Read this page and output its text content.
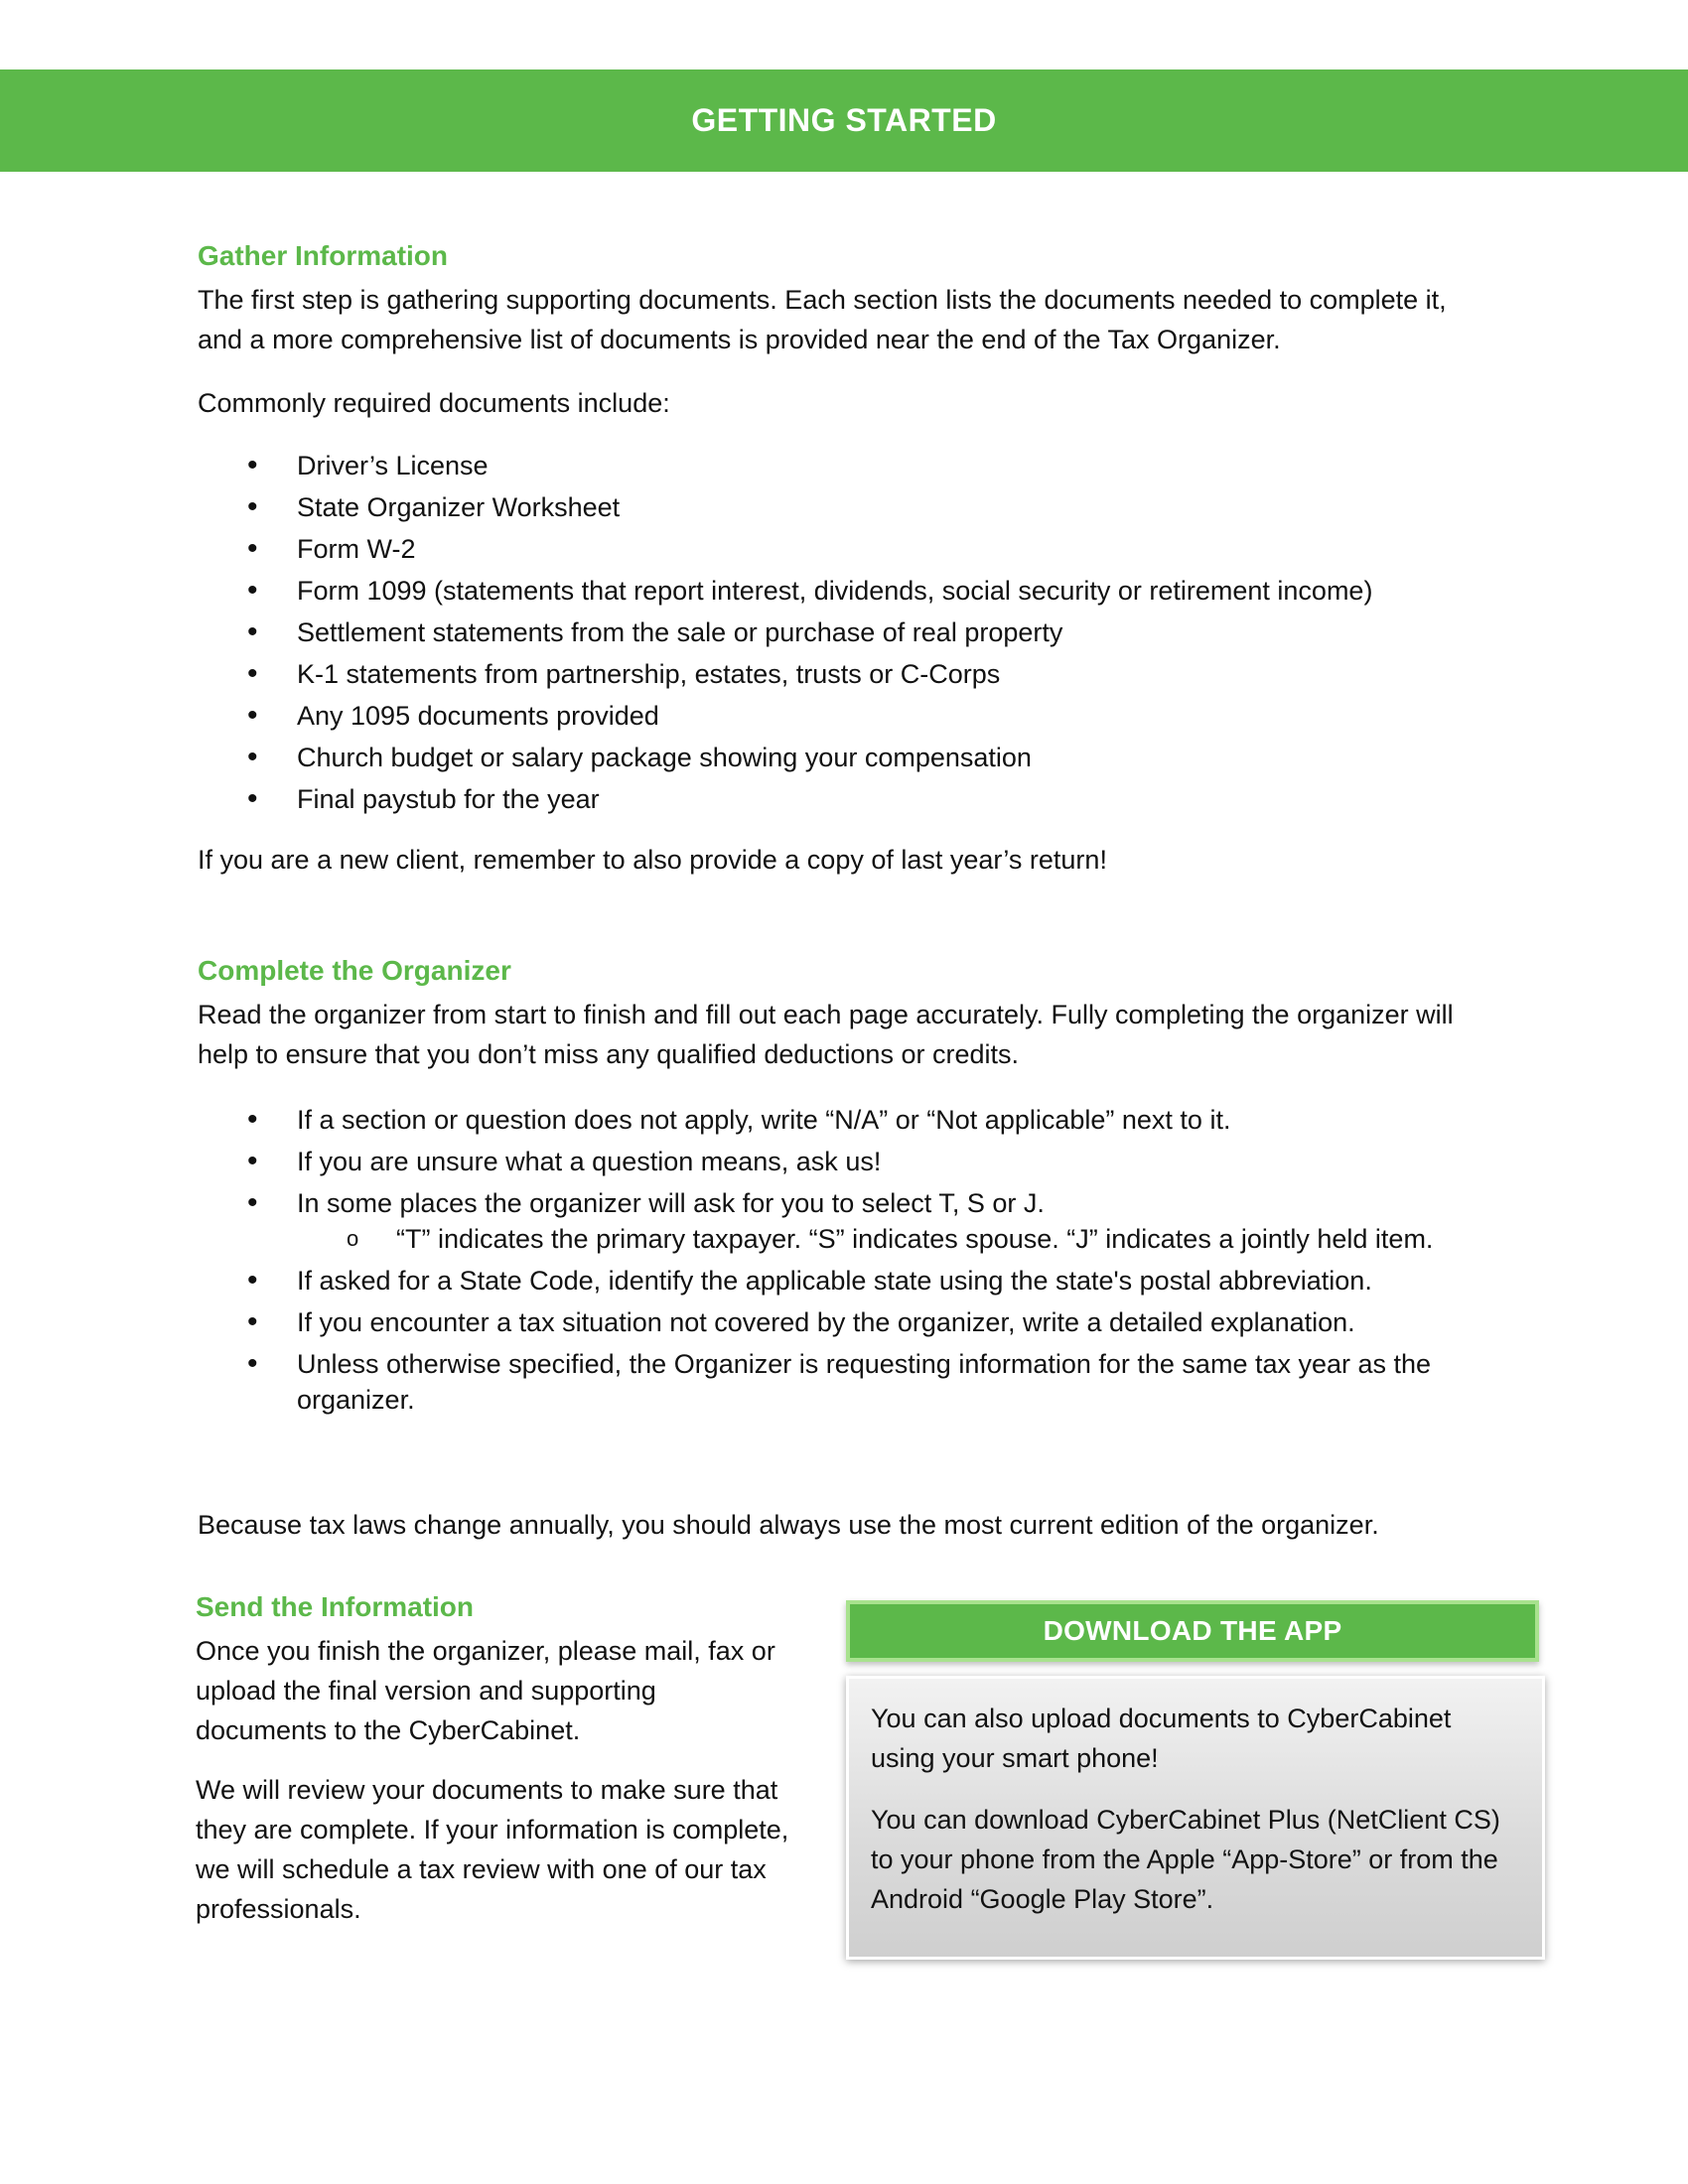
GETTING STARTED
Gather Information

The first step is gathering supporting documents. Each section lists the documents needed to complete it, and a more comprehensive list of documents is provided near the end of the Tax Organizer.

Commonly required documents include:

• Driver’s License
• State Organizer Worksheet
• Form W-2
• Form 1099 (statements that report interest, dividends, social security or retirement income)
• Settlement statements from the sale or purchase of real property
• K-1 statements from partnership, estates, trusts or C-Corps
• Any 1095 documents provided
• Church budget or salary package showing your compensation
• Final paystub for the year

If you are a new client, remember to also provide a copy of last year’s return!

Complete the Organizer

Read the organizer from start to finish and fill out each page accurately. Fully completing the organizer will help to ensure that you don’t miss any qualified deductions or credits.

• If a section or question does not apply, write “N/A” or “Not applicable” next to it.
• If you are unsure what a question means, ask us!
• In some places the organizer will ask for you to select T, S or J.
o “T” indicates the primary taxpayer. “S” indicates spouse. “J” indicates a jointly held item.
• If asked for a State Code, identify the applicable state using the state's postal abbreviation.
• If you encounter a tax situation not covered by the organizer, write a detailed explanation.
• Unless otherwise specified, the Organizer is requesting information for the same tax year as the organizer.

Because tax laws change annually, you should always use the most current edition of the organizer.

Send the Information

Once you finish the organizer, please mail, fax or upload the final version and supporting documents to the CyberCabinet.

We will review your documents to make sure that they are complete. If your information is complete, we will schedule a tax review with one of our tax professionals.

DOWNLOAD THE APP

You can also upload documents to CyberCabinet using your smart phone!

You can download CyberCabinet Plus (NetClient CS) to your phone from the Apple “App-Store” or from the Android “Google Play Store”.
